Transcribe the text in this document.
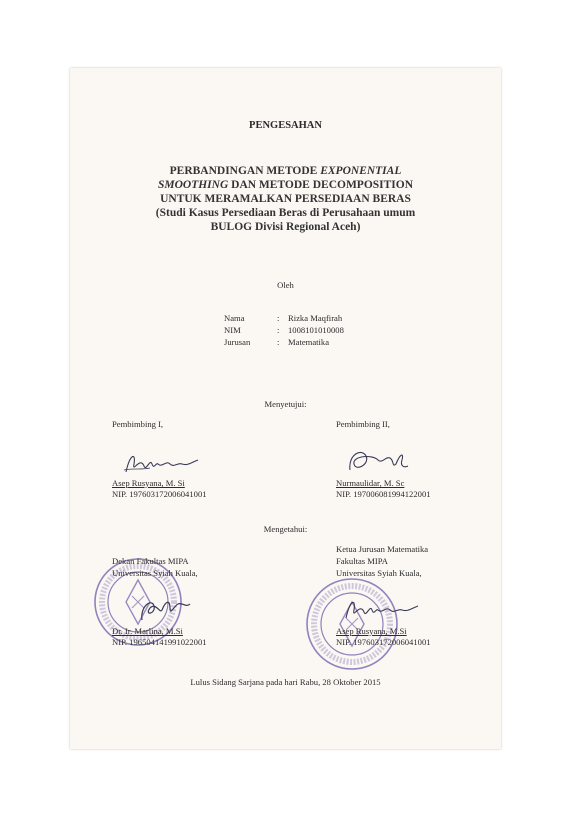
PENGESAHAN
PERBANDINGAN METODE EXPONENTIAL
SMOOTHING DAN METODE DECOMPOSITION
UNTUK MERAMALKAN PERSEDIAAN BERAS
(Studi Kasus Persediaan Beras di Perusahaan umum
BULOG Divisi Regional Aceh)
Oleh
Nama	: Rizka Maqfirah
NIM	: 1008101010008
Jurusan	: Matematika
Menyetujui:
Pembimbing I,	Pembimbing II,
Asep Rusyana, M. Si
NIP. 197603172006041001
Nurmaulidar, M. Sc
NIP. 197006081994122001
Mengetahui:
Ketua Jurusan Matematika
Fakultas MIPA
Universitas Syiah Kuala,
Dekan Fakultas MIPA
Universitas Syiah Kuala,
Dr. Ir. Marlina, M.Si
NIP. 196504141991022001
Asep Rusyana, M.Si
NIP. 197603172006041001
Lulus Sidang Sarjana pada hari Rabu, 28 Oktober 2015
